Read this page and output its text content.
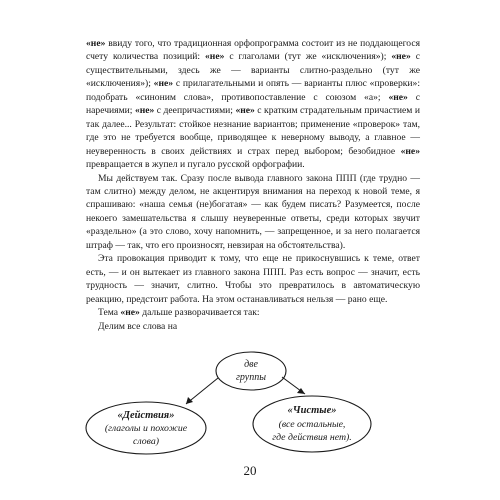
«не» ввиду того, что традиционная орфопрограмма состоит из не поддающегося счету количества позиций: «не» с глаголами (тут же «исключения»); «не» с существительными, здесь же — варианты слитно-раздельно (тут же «исключения»); «не» с прилагательными и опять — варианты плюс «проверки»: подобрать «синоним слова», противопоставление с союзом «а»; «не» с наречиями; «не» с деепричастиями; «не» с кратким страдательным причастием и так далее... Результат: стойкое незнание вариантов; применение «проверок» там, где это не требуется вообще, приводящее к неверному выводу, а главное — неуверенность в своих действиях и страх перед выбором; безобидное «не» превращается в жупел и пугало русской орфографии.

Мы действуем так. Сразу после вывода главного закона ППП (где трудно — там слитно) между делом, не акцентируя внимания на переход к новой теме, я спрашиваю: «наша семья (не)богатая» — как будем писать? Разумеется, после некоего замешательства я слышу неуверенные ответы, среди которых звучит «раздельно» (а это слово, хочу напомнить, — запрещенное, и за него полагается штраф — так, что его произносят, невзирая на обстоятельства).

Эта провокация приводит к тому, что еще не прикоснувшись к теме, ответ есть, — и он вытекает из главного закона ППП. Раз есть вопрос — значит, есть трудность — значит, слитно. Чтобы это превратилось в автоматическую реакцию, предстоит работа. На этом останавливаться нельзя — рано еще.

Тема «не» дальше разворачивается так:

Делим все слова на

две
группы
«Действия»
(глаголы и похожие
слова)
«Чистые»
(все остальные,
где действия нет).
20
